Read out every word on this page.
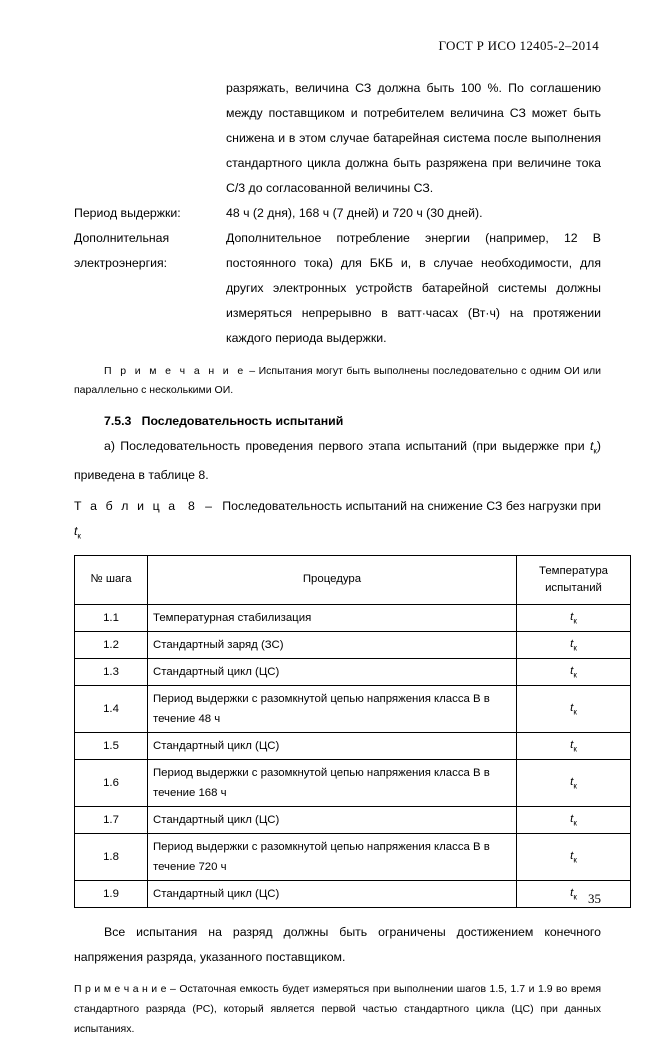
ГОСТ Р ИСО 12405-2–2014

разряжать, величина СЗ должна быть 100 %. По соглашению между поставщиком и потребителем величина СЗ может быть снижена и в этом случае батарейная система после выполнения стандартного цикла должна быть разряжена при величине тока С/3 до согласованной величины СЗ.

Период выдержки:	48 ч (2 дня), 168 ч (7 дней) и 720 ч (30 дней).

Дополнительная электроэнергия:

Дополнительное потребление энергии (например, 12 В постоянного тока) для БКБ и, в случае необходимости, для других электронных устройств батарейной системы должны измеряться непрерывно в ватт·часах (Вт·ч) на протяжении каждого периода выдержки.

П р и м е ч а н и е – Испытания могут быть выполнены последовательно с одним ОИ или параллельно с несколькими ОИ.
7.5.3 Последовательность испытаний
а) Последовательность проведения первого этапа испытаний (при выдержке при $t_к$) приведена в таблице 8.
Т а б л и ц а 8 – Последовательность испытаний на снижение СЗ без нагрузки при $t_к$
№ шага	Процедура	Температура испытаний
1.1	Температурная стабилизация	$t_к$
1.2	Стандартный заряд (ЗС)	$t_к$
1.3	Стандартный цикл (ЦС)	$t_к$
1.4	Период выдержки с разомкнутой цепью напряжения класса В в течение 48 ч	$t_к$
1.5	Стандартный цикл (ЦС)	$t_к$
1.6	Период выдержки с разомкнутой цепью напряжения класса В в течение 168 ч	$t_к$
1.7	Стандартный цикл (ЦС)	$t_к$
1.8	Период выдержки с разомкнутой цепью напряжения класса В в течение 720 ч	$t_к$
1.9	Стандартный цикл (ЦС)	$t_к$

Все испытания на разряд должны быть ограничены достижением конечного напряжения разряда, указанного поставщиком.

П р и м е ч а н и е – Остаточная емкость будет измеряться при выполнении шагов 1.5, 1.7 и 1.9 во время стандартного разряда (РС), который является первой частью стандартного цикла (ЦС) при данных испытаниях.

35
